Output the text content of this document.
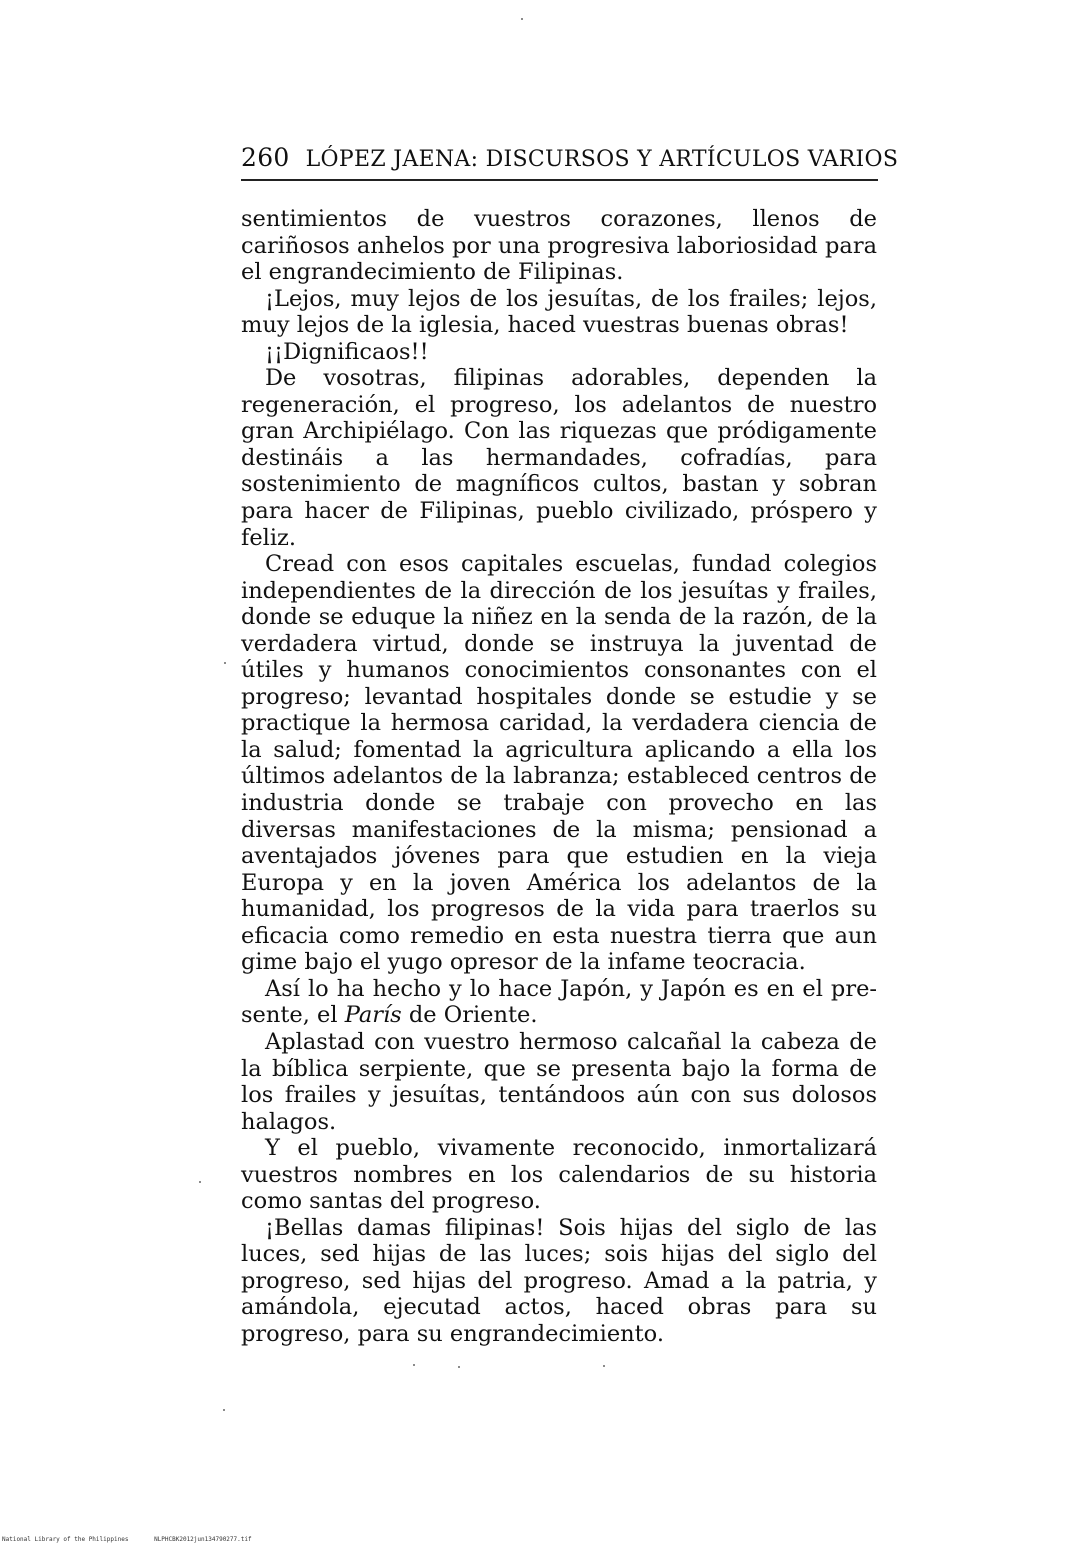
260 LÓPEZ JAENA: DISCURSOS Y ARTÍCULOS VARIOS

sentimientos de vuestros corazones, llenos de cariñosos anhelos por una progresiva laboriosidad para el engrandecimiento de Filipinas.

¡Lejos, muy lejos de los jesuítas, de los frailes; lejos, muy lejos de la iglesia, haced vuestras buenas obras!

¡¡Dignificaos!!

De vosotras, filipinas adorables, dependen la regeneración, el progreso, los adelantos de nuestro gran Archipiélago. Con las riquezas que pródigamente destináis a las hermandades, cofradías, para sostenimiento de magníficos cultos, bastan y sobran para hacer de Filipinas, pueblo civilizado, próspero y feliz.

Cread con esos capitales escuelas, fundad colegios independientes de la dirección de los jesuítas y frailes, donde se eduque la niñez en la senda de la razón, de la verdadera virtud, donde se instruya la juventad de útiles y humanos conocimientos consonantes con el progreso; levantad hospitales donde se estudie y se practique la hermosa caridad, la verdadera ciencia de la salud; fomentad la agricultura aplicando a ella los últimos adelantos de la labranza; estableced centros de industria donde se trabaje con provecho en las diversas manifestaciones de la misma; pensionad a aventajados jóvenes para que estudien en la vieja Europa y en la joven América los adelantos de la humanidad, los progresos de la vida para traerlos su eficacia como remedio en esta nuestra tierra que aun gime bajo el yugo opresor de la infame teocracia.

Así lo ha hecho y lo hace Japón, y Japón es en el presente, el París de Oriente.

Aplastad con vuestro hermoso calcañal la cabeza de la bíblica serpiente, que se presenta bajo la forma de los frailes y jesuítas, tentándoos aún con sus dolosos halagos.

Y el pueblo, vivamente reconocido, inmortalizará vuestros nombres en los calendarios de su historia como santas del progreso.

¡Bellas damas filipinas! Sois hijas del siglo de las luces, sed hijas de las luces; sois hijas del siglo del progreso, sed hijas del progreso. Amad a la patria, y amándola, ejecutad actos, haced obras para su progreso, para su engrandecimiento.

National Library of the Philippines	NLPHCBK2012jun134790277.tif
